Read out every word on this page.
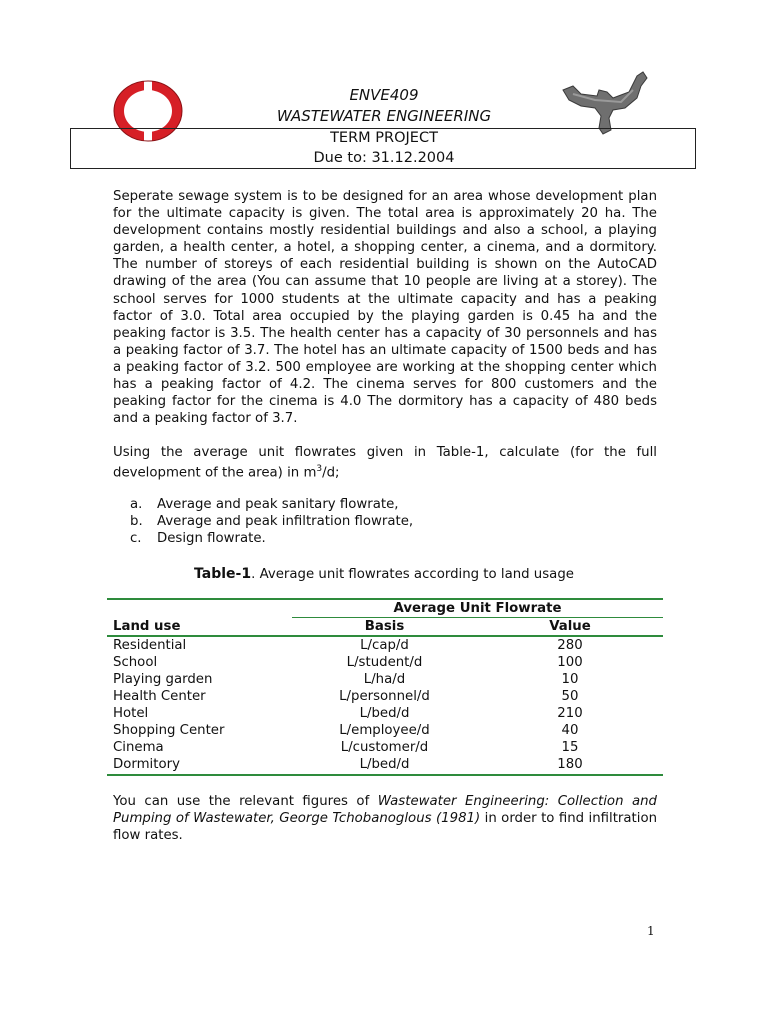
ENVE409
WASTEWATER ENGINEERING
TERM PROJECT
Due to: 31.12.2004
Seperate sewage system is to be designed for an area whose development plan for the ultimate capacity is given. The total area is approximately 20 ha. The development contains mostly residential buildings and also a school, a playing garden, a health center, a hotel, a shopping center, a cinema, and a dormitory. The number of storeys of each residential building is shown on the AutoCAD drawing of the area (You can assume that 10 people are living at a storey). The school serves for 1000 students at the ultimate capacity and has a peaking factor of 3.0. Total area occupied by the playing garden is 0.45 ha and the peaking factor is 3.5. The health center has a capacity of 30 personnels and has a peaking factor of 3.7. The hotel has an ultimate capacity of 1500 beds and has a peaking factor of 3.2. 500 employee are working at the shopping center which has a peaking factor of 4.2. The cinema serves for 800 customers and the peaking factor for the cinema is 4.0 The dormitory has a capacity of 480 beds and a peaking factor of 3.7.
Using the average unit flowrates given in Table-1, calculate (for the full development of the area) in $m^3/d$;
a.	Average and peak sanitary flowrate,
b.	Average and peak infiltration flowrate,
c.	Design flowrate.
Table-1. Average unit flowrates according to land usage
Average Unit Flowrate
Land use	Basis	Value
Residential	L/cap/d	280
School	L/student/d	100
Playing garden	L/ha/d	10
Health Center	L/personnel/d	50
Hotel	L/bed/d	210
Shopping Center	L/employee/d	40
Cinema	L/customer/d	15
Dormitory	L/bed/d	180
You can use the relevant figures of Wastewater Engineering: Collection and Pumping of Wastewater, George Tchobanoglous (1981) in order to find infiltration flow rates.
1
